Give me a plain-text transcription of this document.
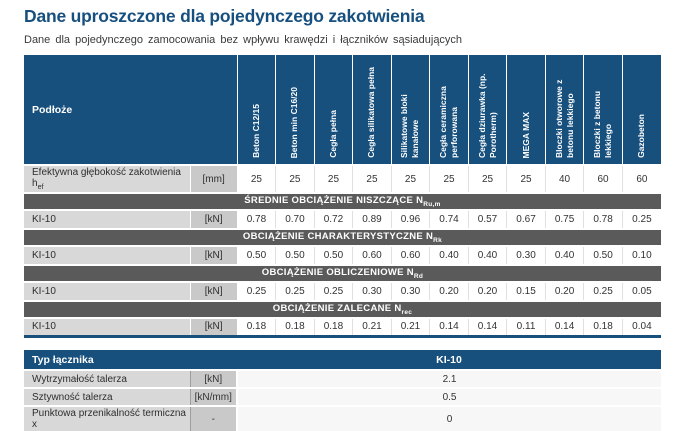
Dane uproszczone dla pojedynczego zakotwienia

Dane dla pojedynczego zamocowania bez wpływu krawędzi i łączników sąsiadujących

Podłoże		Beton C12/15	Beton min C16/20	Cegła pełna	Cegła silikatowa pełna	Silikatowe bloki kanałowe	Cegła ceramiczna perforowana	Cegła dziurawka (np. Porotherm)	MEGA MAX	Bloczki otworowe z betonu lekkiego	Bloczki z betonu lekkiego	Gazobeton

Efektywna głębokość zakotwienia $h_{ef}$	[mm]	25	25	25	25	25	25	25	25	40	60	60
ŚREDNIE OBCIĄŻENIE NISZCZĄCE $N_{Ru,m}$
KI-10	[kN]	0.78	0.70	0.72	0.89	0.96	0.74	0.57	0.67	0.75	0.78	0.25
OBCIĄŻENIE CHARAKTERYSTYCZNE $N_{Rk}$
KI-10	[kN]	0.50	0.50	0.50	0.60	0.60	0.40	0.40	0.30	0.40	0.50	0.10
OBCIĄŻENIE OBLICZENIOWE $N_{Rd}$
KI-10	[kN]	0.25	0.25	0.25	0.30	0.30	0.20	0.20	0.15	0.20	0.25	0.05
OBCIĄŻENIE ZALECANE $N_{rec}$
KI-10	[kN]	0.18	0.18	0.18	0.21	0.21	0.14	0.14	0.11	0.14	0.18	0.04
Typ łącznika		KI-10
Wytrzymałość talerza	[kN]	2.1
Sztywność talerza	[kN/mm]	0.5
Punktowa przenikalność termiczna x	-	0
